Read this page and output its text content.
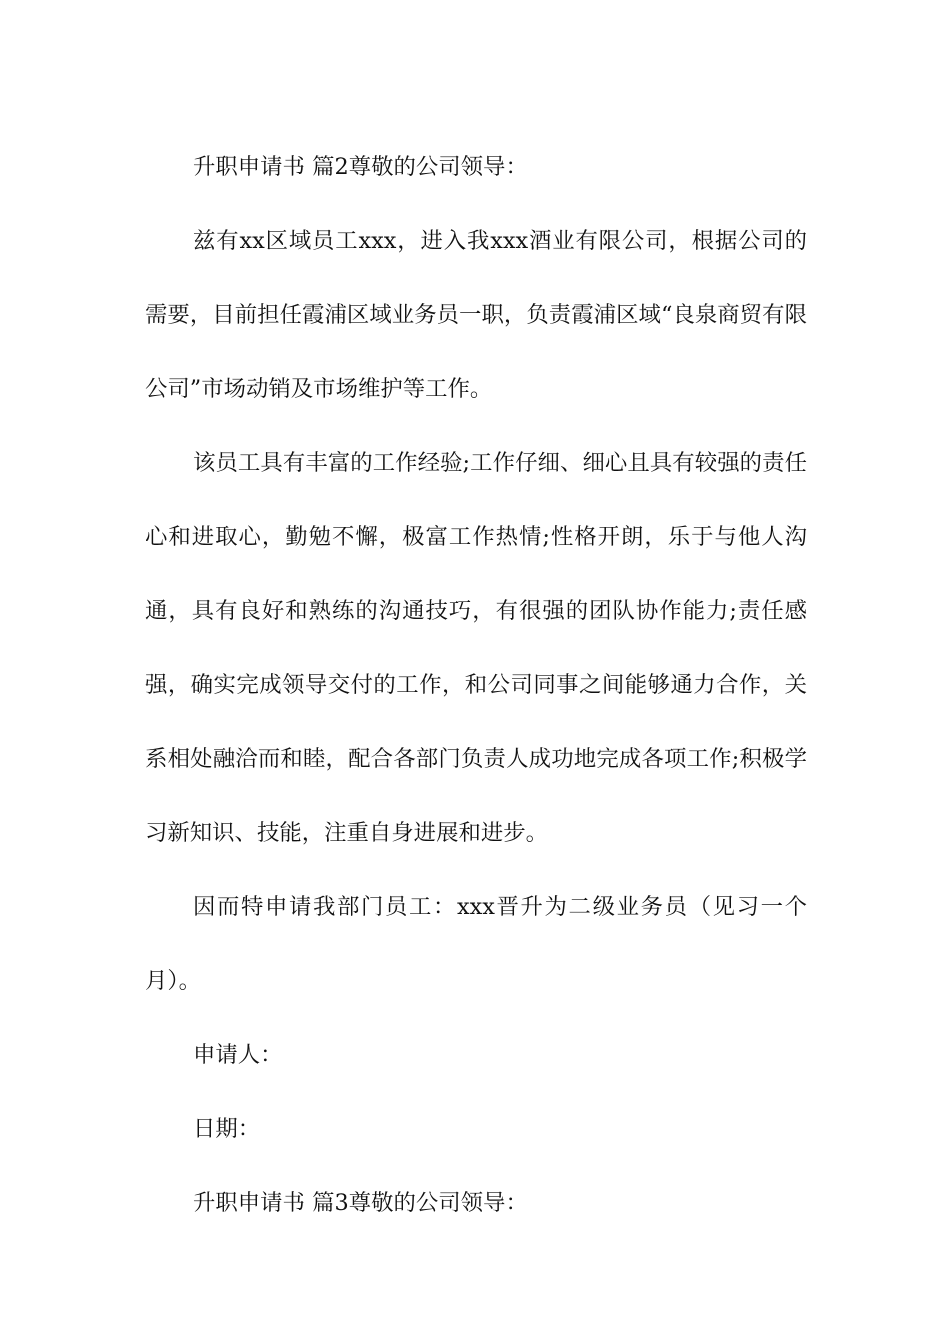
升职申请书 篇2尊敬的公司领导：

兹有xx区域员工xxx，进入我xxx酒业有限公司，根据公司的需要，目前担任霞浦区域业务员一职，负责霞浦区域“良泉商贸有限公司”市场动销及市场维护等工作。

该员工具有丰富的工作经验;工作仔细、细心且具有较强的责任心和进取心，勤勉不懈，极富工作热情;性格开朗，乐于与他人沟通，具有良好和熟练的沟通技巧，有很强的团队协作能力;责任感强，确实完成领导交付的工作，和公司同事之间能够通力合作，关系相处融洽而和睦，配合各部门负责人成功地完成各项工作;积极学习新知识、技能，注重自身进展和进步。

因而特申请我部门员工：xxx晋升为二级业务员（见习一个月）。

申请人：

日期：

升职申请书 篇3尊敬的公司领导：
